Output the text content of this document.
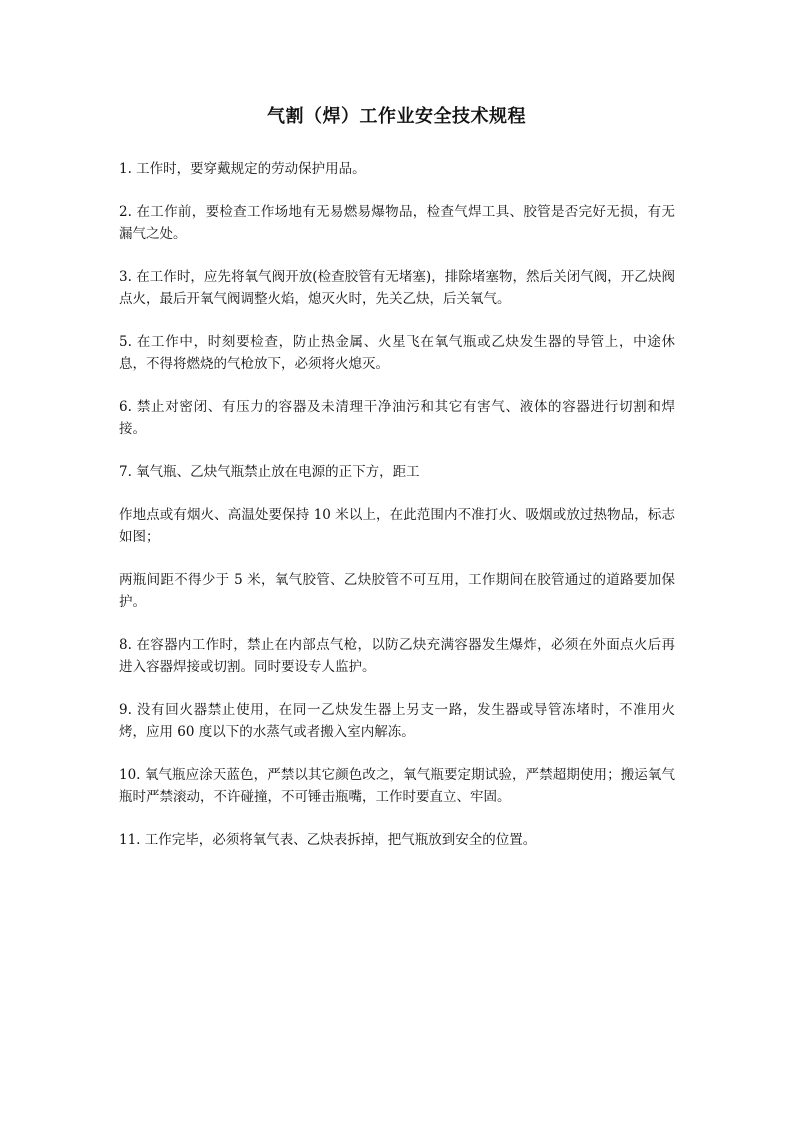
气割（焊）工作业安全技术规程

1. 工作时，要穿戴规定的劳动保护用品。

2. 在工作前，要检查工作场地有无易燃易爆物品，检查气焊工具、胶管是否完好无损，有无漏气之处。

3. 在工作时，应先将氧气阀开放(检查胶管有无堵塞)，排除堵塞物，然后关闭气阀，开乙炔阀点火，最后开氧气阀调整火焰，熄灭火时，先关乙炔，后关氧气。

5. 在工作中，时刻要检查，防止热金属、火星飞在氧气瓶或乙炔发生器的导管上，中途休息，不得将燃烧的气枪放下，必须将火熄灭。

6. 禁止对密闭、有压力的容器及未清理干净油污和其它有害气、液体的容器进行切割和焊接。

7. 氧气瓶、乙炔气瓶禁止放在电源的正下方，距工

作地点或有烟火、高温处要保持 10 米以上，在此范围内不准打火、吸烟或放过热物品，标志如图；

两瓶间距不得少于 5 米，氧气胶管、乙炔胶管不可互用，工作期间在胶管通过的道路要加保护。

8. 在容器内工作时，禁止在内部点气枪，以防乙炔充满容器发生爆炸，必须在外面点火后再进入容器焊接或切割。同时要设专人监护。

9. 没有回火器禁止使用，在同一乙炔发生器上另支一路，发生器或导管冻堵时，不准用火烤，应用 60 度以下的水蒸气或者搬入室内解冻。

10. 氧气瓶应涂天蓝色，严禁以其它颜色改之，氧气瓶要定期试验，严禁超期使用；搬运氧气瓶时严禁滚动，不许碰撞，不可锤击瓶嘴，工作时要直立、牢固。

11. 工作完毕，必须将氧气表、乙炔表拆掉，把气瓶放到安全的位置。
